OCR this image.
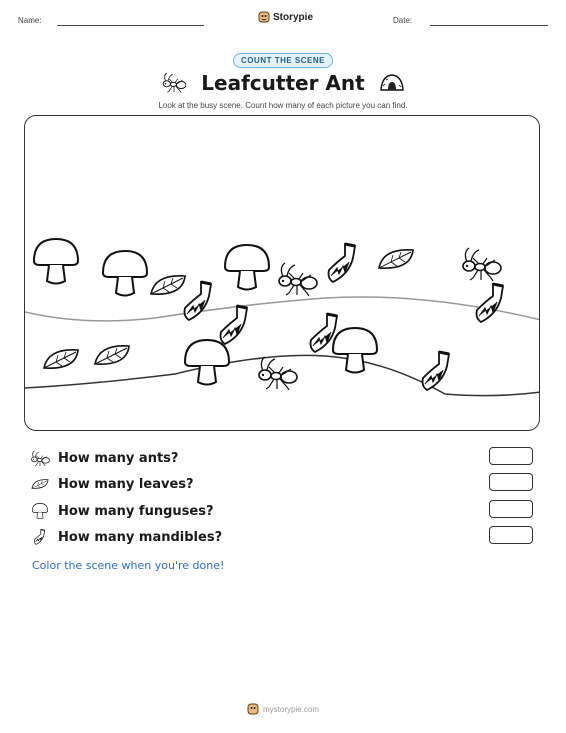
Name:	Storypie	Date:
COUNT THE SCENE
Leafcutter Ant
Look at the busy scene. Count how many of each picture you can find.
How many ants?
How many leaves?
How many funguses?
How many mandibles?
Color the scene when you're done!
mystorypie.com
